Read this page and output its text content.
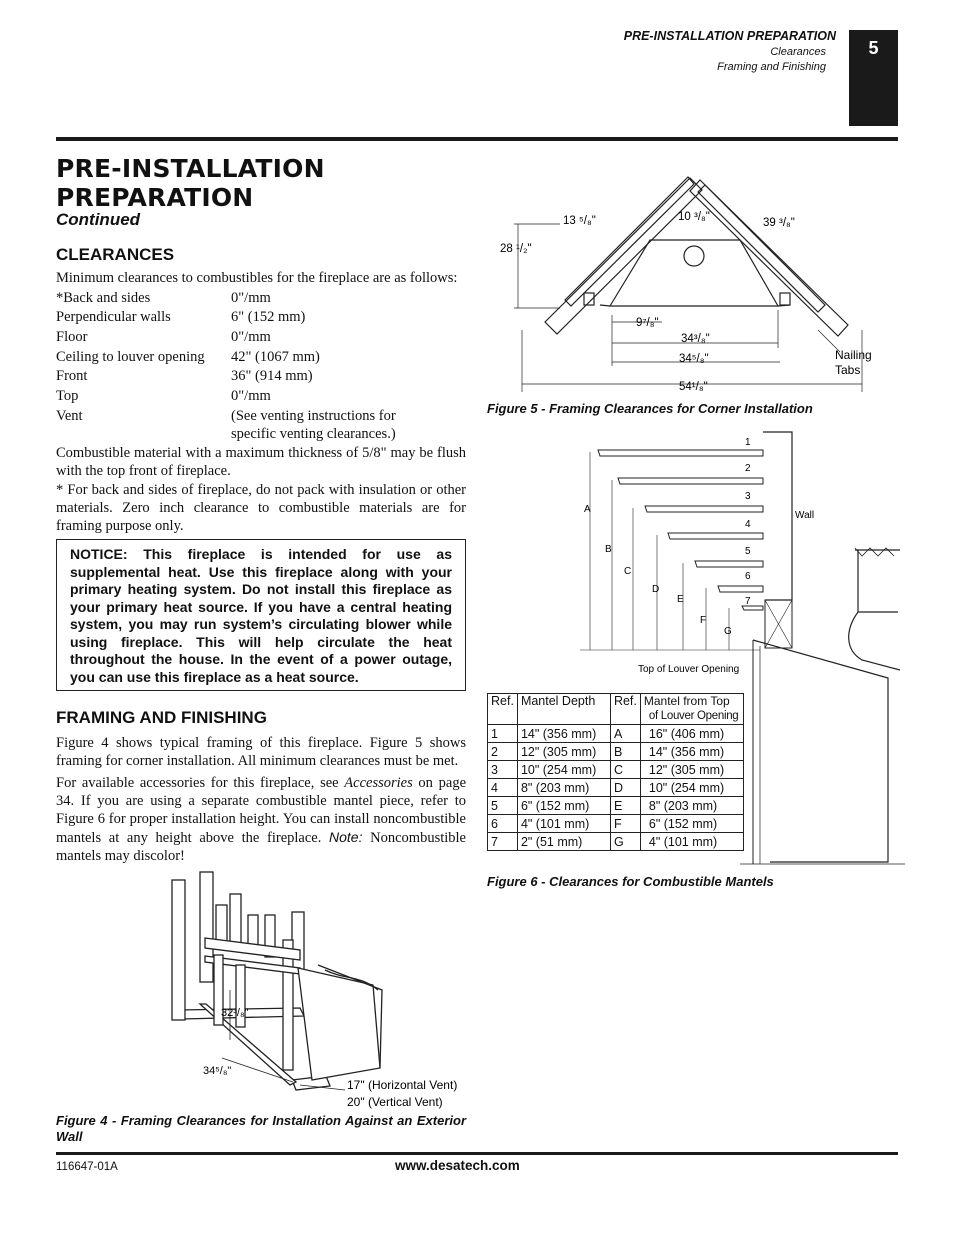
PRE-INSTALLATION PREPARATION
Clearances
Framing and Finishing
5
PRE-INSTALLATION
PREPARATION
Continued
CLEARANCES
Minimum clearances to combustibles for the fireplace are as follows:
*Back and sides	0"/mm
Perpendicular walls	6" (152 mm)
Floor	0"/mm
Ceiling to louver opening 42" (1067 mm)
Front	36" (914 mm)
Top	0"/mm
Vent	(See venting instructions for specific venting clearances.)
Combustible material with a maximum thickness of 5/8" may be flush with the top front of fireplace.
* For back and sides of fireplace, do not pack with insulation or other materials. Zero inch clearance to combustible materials are for framing purpose only.
NOTICE: This fireplace is intended for use as supplemental heat. Use this fireplace along with your primary heating system. Do not install this fireplace as your primary heat source. If you have a central heating system, you may run system’s circulating blower while using fireplace. This will help circulate the heat throughout the house. In the event of a power outage, you can use this fireplace as a heat source.
FRAMING AND FINISHING
Figure 4 shows typical framing of this fireplace. Figure 5 shows framing for corner installation. All minimum clearances must be met.
For available accessories for this fireplace, see Accessories on page 34. If you are using a separate combustible mantel piece, refer to Figure 6 for proper installation height. You can install noncombustible mantels at any height above the fireplace. Note: Noncombustible mantels may discolor!
32³/₈"
34⁵/₈"
17" (Horizontal Vent)
20" (Vertical Vent)
Figure 4 - Framing Clearances for Installation Against an Exterior Wall
28 ¹/₂"
13 ⁵/₈"	10 ³/₈"	39 ³/₈"
9⁷/₈"
34³/₈"
34⁵/₈"
54¹/₈"
Nailing
Tabs
Figure 5 - Framing Clearances for Corner Installation
1
2
3
4
5
6
7
A
B
C
D
E
F
G
Wall
Top of Louver Opening
Ref.	Mantel Depth	Ref.	Mantel from Top
of Louver Opening

1	14" (356 mm)	A	16" (406 mm)
2	12" (305 mm)	B	14" (356 mm)
3	10" (254 mm)	C	12" (305 mm)
4	8" (203 mm)	D	10" (254 mm)
5	6" (152 mm)	E	8" (203 mm)
6	4" (101 mm)	F	6" (152 mm)
7	2" (51 mm)	G	4" (101 mm)
Figure 6 - Clearances for Combustible Mantels
116647-01A	www.desatech.com
